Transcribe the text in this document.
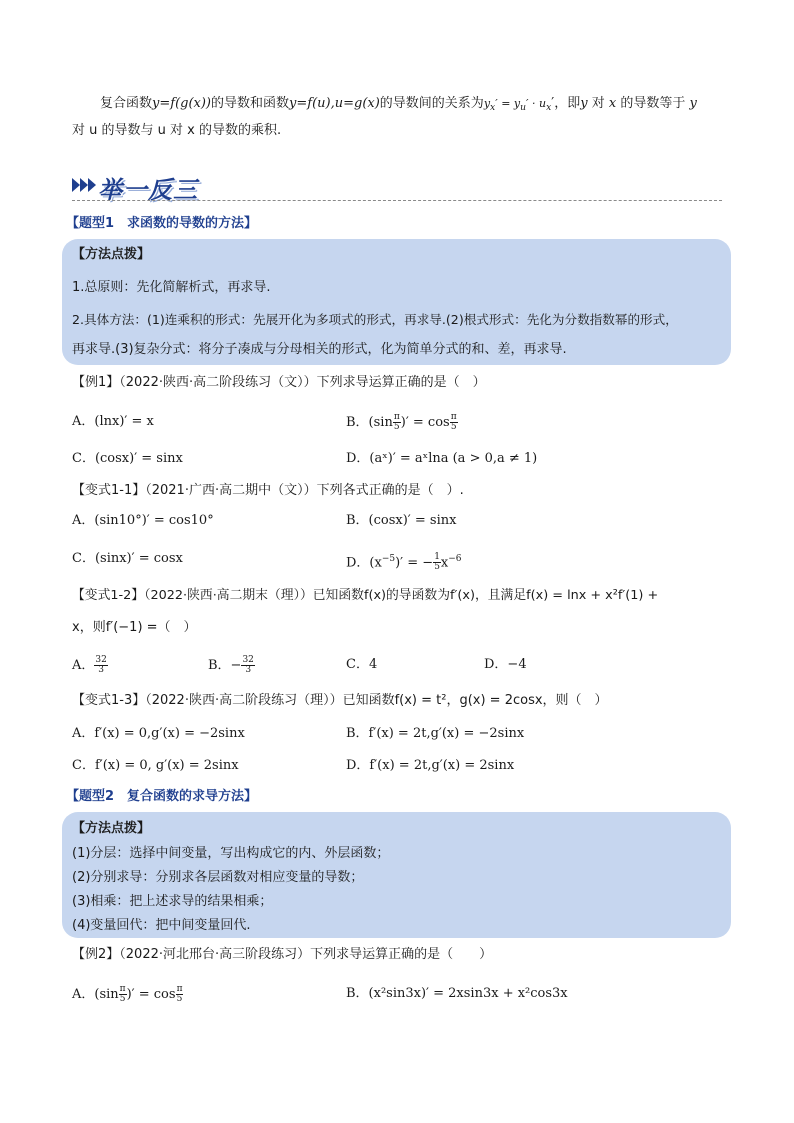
复合函数y=f(g(x))的导数和函数y=f(u),u=g(x)的导数间的关系为$y_x' = y_u' \cdot u_x'$，即y 对 x 的导数等于 y
对 u 的导数与 u 对 x 的导数的乘积.
举一反三
【题型1　求函数的导数的方法】
【方法点拨】
1.总原则：先化简解析式，再求导.
2.具体方法：(1)连乘积的形式：先展开化为多项式的形式，再求导.(2)根式形式：先化为分数指数幂的形式，
再求导.(3)复杂分式：将分子凑成与分母相关的形式，化为简单分式的和、差，再求导.
【例1】（2022·陕西·高二阶段练习（文））下列求导运算正确的是（　）
A．(lnx)′ = x	B．($\sin \frac{\pi}{5}$ )′ = $\cos \frac{\pi}{5}$
C．(cosx)′ = sinx	D．(aˣ)′ = aˣlna (a > 0,a ≠ 1)
【变式1-1】（2021·广西·高二期中（文））下列各式正确的是（　）.
A．(sin10°)′ = cos10°	B．(cosx)′ = sinx
C．(sinx)′ = cosx	D．$(x^{-5})'$ = − $\frac{1}{5} x^{-6}$
【变式1-2】（2022·陕西·高二期末（理））已知函数f(x)的导函数为f′(x)，且满足f(x) = lnx + x²f′(1) +
x，则f′(−1) =（　）
A． $\frac{32}{3}$	B．− $\frac{32}{3}$	C．4	D．−4
【变式1-3】（2022·陕西·高二阶段练习（理））已知函数f(x) = t²，g(x) = 2cosx，则（　）
A．f′(x) = 0,g′(x) = −2sinx	B．f′(x) = 2t,g′(x) = −2sinx
C．f′(x) = 0, g′(x) = 2sinx	D．f′(x) = 2t,g′(x) = 2sinx
【题型2　复合函数的求导方法】
【方法点拨】
(1)分层：选择中间变量，写出构成它的内、外层函数；
(2)分别求导：分别求各层函数对相应变量的导数；
(3)相乘：把上述求导的结果相乘；
(4)变量回代：把中间变量回代.
【例2】（2022·河北邢台·高三阶段练习）下列求导运算正确的是（　　）
A．($\sin \frac{\pi}{5}$ )′ = $\cos \frac{\pi}{5}$	B．(x²sin3x)′ = 2xsin3x + x²cos3x
